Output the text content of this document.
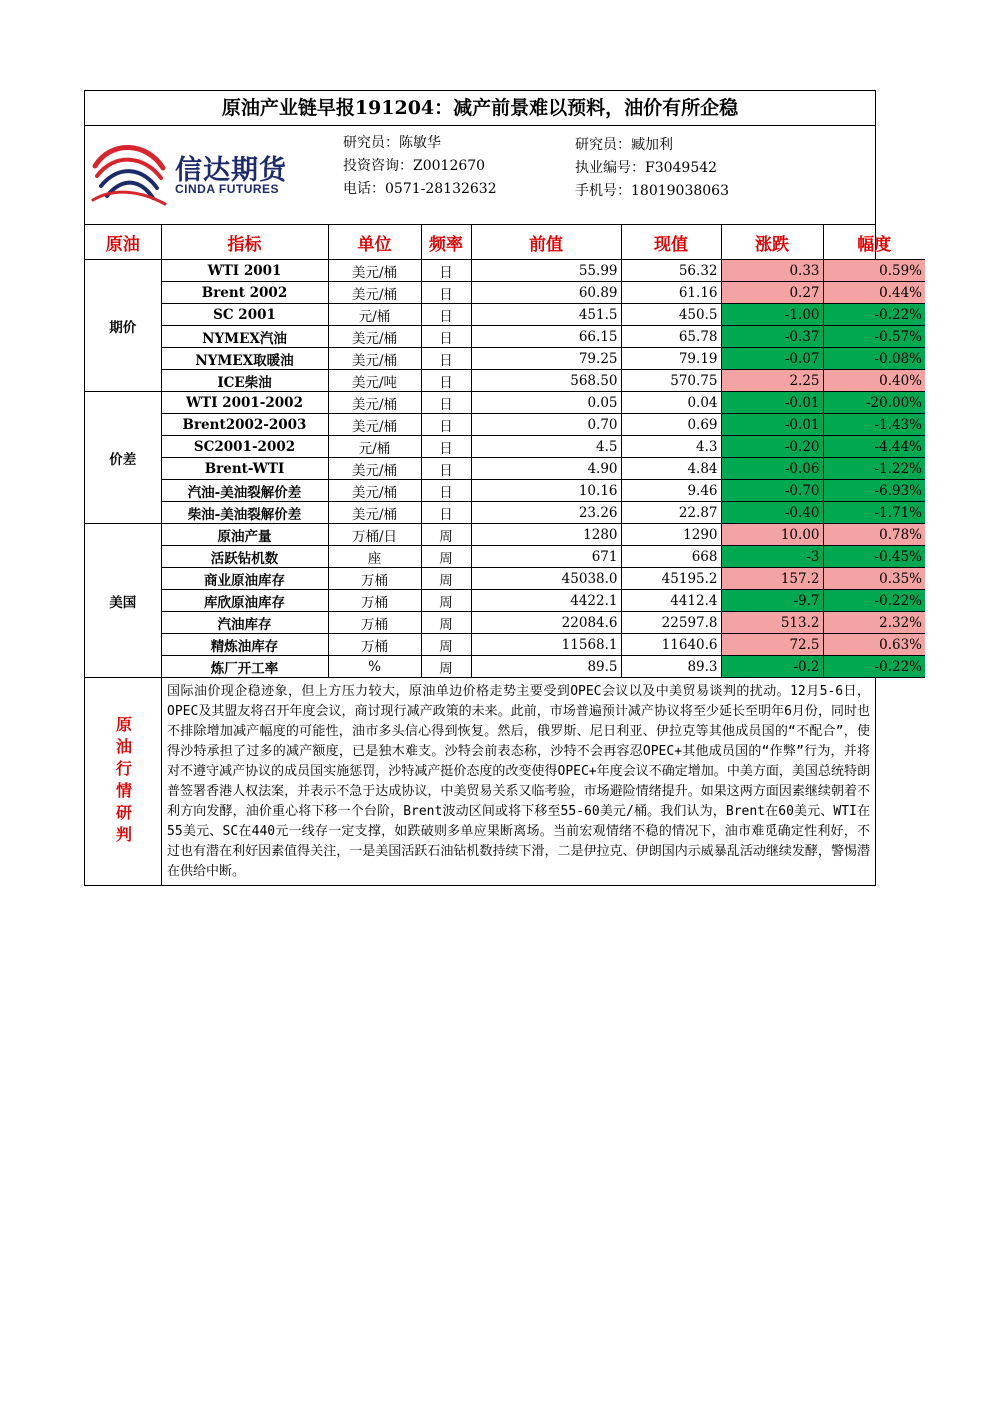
原油产业链早报191204：减产前景难以预料，油价有所企稳
信达期货
CINDA FUTURES
研究员：陈敏华
投资咨询：Z0012670
电话：0571-28132632
研究员：臧加利
执业编号：F3049542
手机号：18019038063
原油	指标	单位	频率	前值	现值	涨跌	幅度
期价	WTI 2001	美元/桶	日	55.99	56.32	0.33	0.59%
	Brent 2002	美元/桶	日	60.89	61.16	0.27	0.44%
	SC 2001	元/桶	日	451.5	450.5	-1.00	-0.22%
	NYMEX汽油	美元/桶	日	66.15	65.78	-0.37	-0.57%
	NYMEX取暖油	美元/桶	日	79.25	79.19	-0.07	-0.08%
	ICE柴油	美元/吨	日	568.50	570.75	2.25	0.40%
价差	WTI 2001-2002	美元/桶	日	0.05	0.04	-0.01	-20.00%
	Brent2002-2003	美元/桶	日	0.70	0.69	-0.01	-1.43%
	SC2001-2002	元/桶	日	4.5	4.3	-0.20	-4.44%
	Brent-WTI	美元/桶	日	4.90	4.84	-0.06	-1.22%
	汽油-美油裂解价差	美元/桶	日	10.16	9.46	-0.70	-6.93%
	柴油-美油裂解价差	美元/桶	日	23.26	22.87	-0.40	-1.71%
美国	原油产量	万桶/日	周	1280	1290	10.00	0.78%
	活跃钻机数	座	周	671	668	-3	-0.45%
	商业原油库存	万桶	周	45038.0	45195.2	157.2	0.35%
	库欣原油库存	万桶	周	4422.1	4412.4	-9.7	-0.22%
	汽油库存	万桶	周	22084.6	22597.8	513.2	2.32%
	精炼油库存	万桶	周	11568.1	11640.6	72.5	0.63%
	炼厂开工率	%	周	89.5	89.3	-0.2	-0.22%
原油行情研判
国际油价现企稳迹象，但上方压力较大，原油单边价格走势主要受到OPEC会议以及中美贸易谈判的扰动。12月5-6日，OPEC及其盟友将召开年度会议，商讨现行减产政策的未来。此前，市场普遍预计减产协议将至少延长至明年6月份，同时也不排除增加减产幅度的可能性，油市多头信心得到恢复。然后，俄罗斯、尼日利亚、伊拉克等其他成员国的“不配合”，使得沙特承担了过多的减产额度，已是独木难支。沙特会前表态称，沙特不会再容忍OPEC+其他成员国的“作弊”行为，并将对不遵守减产协议的成员国实施惩罚，沙特减产挺价态度的改变使得OPEC+年度会议不确定增加。中美方面，美国总统特朗普签署香港人权法案，并表示不急于达成协议，中美贸易关系又临考验，市场避险情绪提升。如果这两方面因素继续朝着不利方向发酵，油价重心将下移一个台阶，Brent波动区间或将下移至55-60美元/桶。我们认为，Brent在60美元、WTI在55美元、SC在440元一线存一定支撑，如跌破则多单应果断离场。当前宏观情绪不稳的情况下，油市难觅确定性利好，不过也有潜在利好因素值得关注，一是美国活跃石油钻机数持续下滑，二是伊拉克、伊朗国内示威暴乱活动继续发酵，警惕潜在供给中断。
